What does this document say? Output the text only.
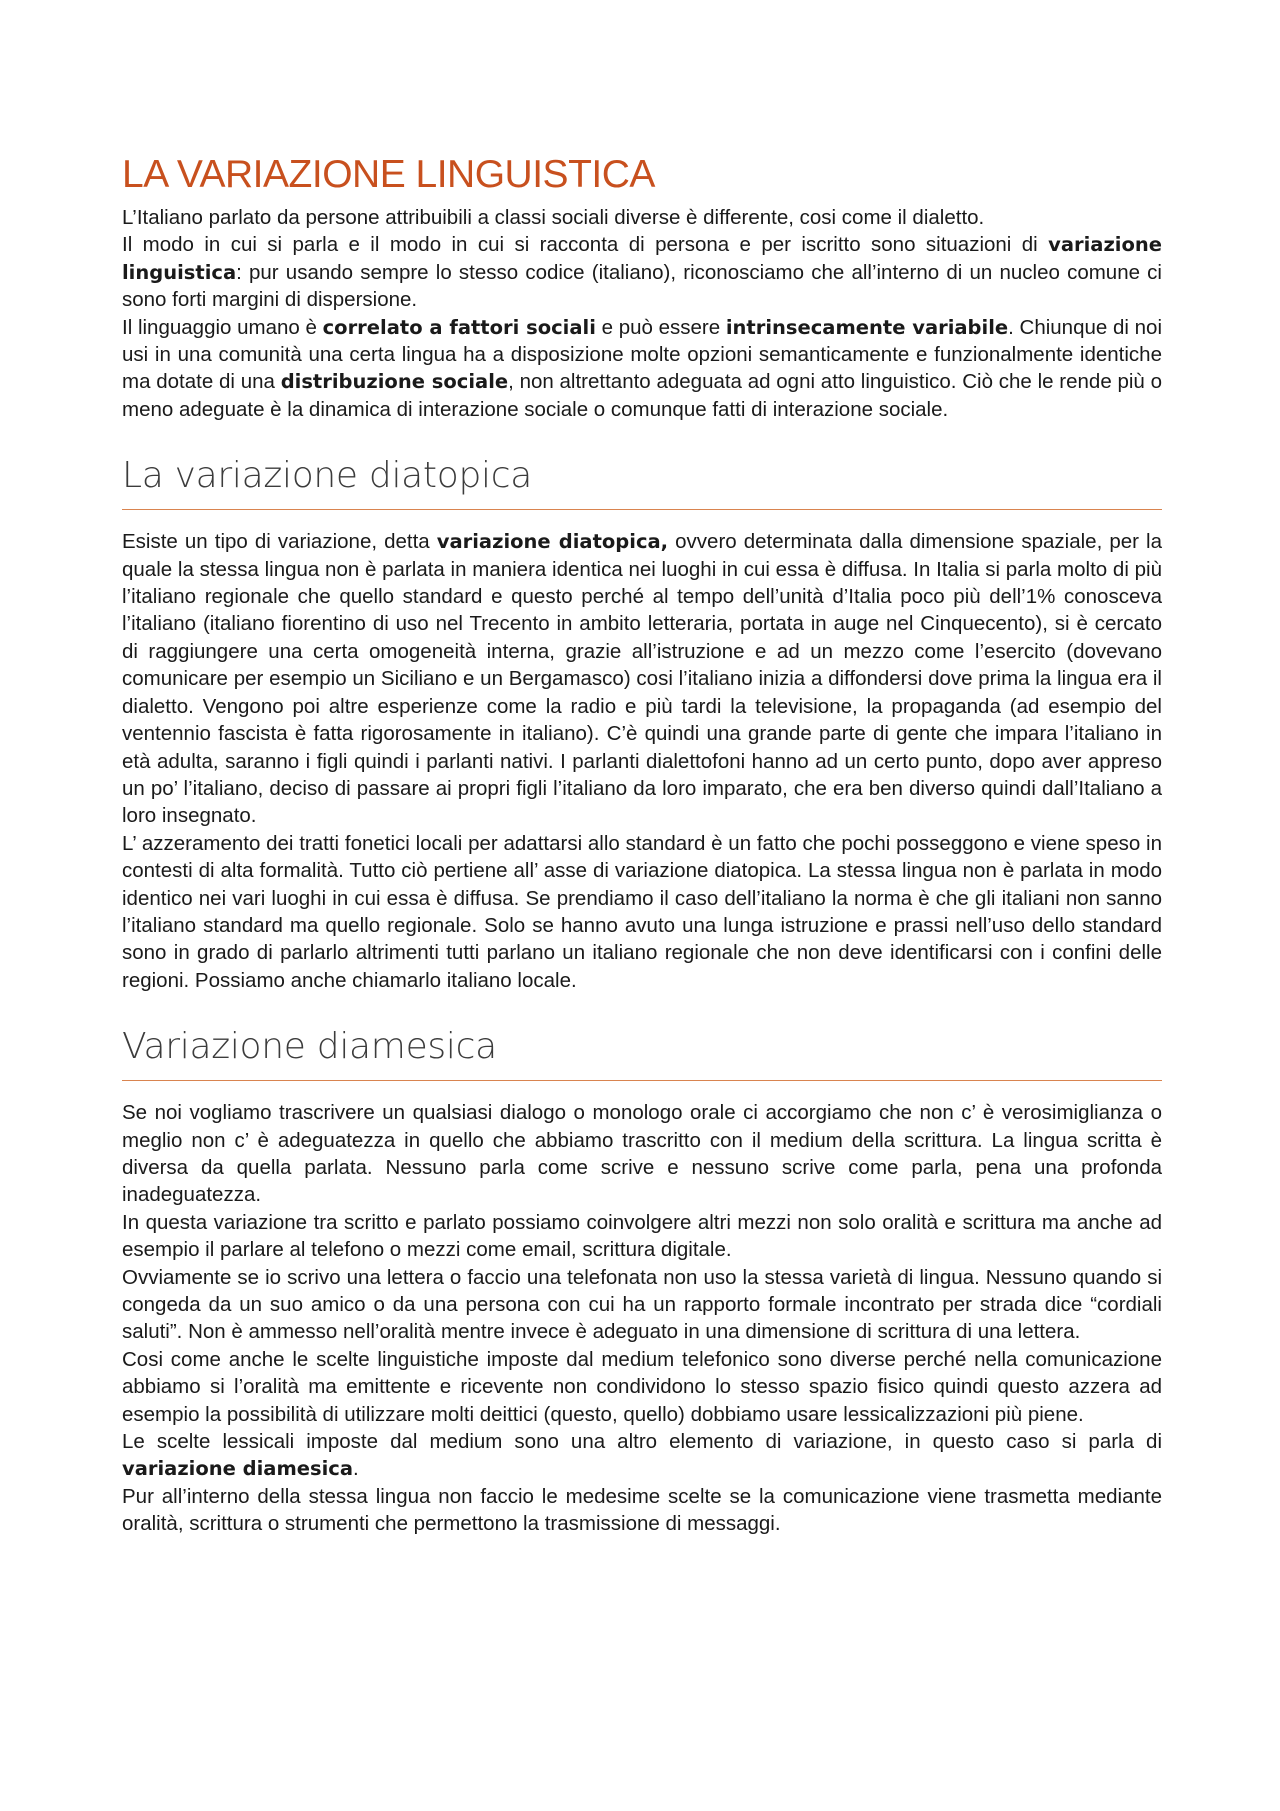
LA VARIAZIONE LINGUISTICA

L’Italiano parlato da persone attribuibili a classi sociali diverse è differente, cosi come il dialetto.

Il modo in cui si parla e il modo in cui si racconta di persona e per iscritto sono situazioni di variazione linguistica: pur usando sempre lo stesso codice (italiano), riconosciamo che all’interno di un nucleo comune ci sono forti margini di dispersione.

Il linguaggio umano è correlato a fattori sociali e può essere intrinsecamente variabile. Chiunque di noi usi in una comunità una certa lingua ha a disposizione molte opzioni semanticamente e funzionalmente identiche ma dotate di una distribuzione sociale, non altrettanto adeguata ad ogni atto linguistico. Ciò che le rende più o meno adeguate è la dinamica di interazione sociale o comunque fatti di interazione sociale.

La variazione diatopica

Esiste un tipo di variazione, detta variazione diatopica, ovvero determinata dalla dimensione spaziale, per la quale la stessa lingua non è parlata in maniera identica nei luoghi in cui essa è diffusa. In Italia si parla molto di più l’italiano regionale che quello standard e questo perché al tempo dell’unità d’Italia poco più dell’1% conosceva l’italiano (italiano fiorentino di uso nel Trecento in ambito letteraria, portata in auge nel Cinquecento), si è cercato di raggiungere una certa omogeneità interna, grazie all’istruzione e ad un mezzo come l’esercito (dovevano comunicare per esempio un Siciliano e un Bergamasco) cosi l’italiano inizia a diffondersi dove prima la lingua era il dialetto. Vengono poi altre esperienze come la radio e più tardi la televisione, la propaganda (ad esempio del ventennio fascista è fatta rigorosamente in italiano). C’è quindi una grande parte di gente che impara l’italiano in età adulta, saranno i figli quindi i parlanti nativi. I parlanti dialettofoni hanno ad un certo punto, dopo aver appreso un po’ l’italiano, deciso di passare ai propri figli l’italiano da loro imparato, che era ben diverso quindi dall’Italiano a loro insegnato.

L’ azzeramento dei tratti fonetici locali per adattarsi allo standard è un fatto che pochi posseggono e viene speso in contesti di alta formalità. Tutto ciò pertiene all’ asse di variazione diatopica. La stessa lingua non è parlata in modo identico nei vari luoghi in cui essa è diffusa. Se prendiamo il caso dell’italiano la norma è che gli italiani non sanno l’italiano standard ma quello regionale. Solo se hanno avuto una lunga istruzione e prassi nell’uso dello standard sono in grado di parlarlo altrimenti tutti parlano un italiano regionale che non deve identificarsi con i confini delle regioni. Possiamo anche chiamarlo italiano locale.

Variazione diamesica

Se noi vogliamo trascrivere un qualsiasi dialogo o monologo orale ci accorgiamo che non c’ è verosimiglianza o meglio non c’ è adeguatezza in quello che abbiamo trascritto con il medium della scrittura. La lingua scritta è diversa da quella parlata. Nessuno parla come scrive e nessuno scrive come parla, pena una profonda inadeguatezza.

In questa variazione tra scritto e parlato possiamo coinvolgere altri mezzi non solo oralità e scrittura ma anche ad esempio il parlare al telefono o mezzi come email, scrittura digitale.

Ovviamente se io scrivo una lettera o faccio una telefonata non uso la stessa varietà di lingua. Nessuno quando si congeda da un suo amico o da una persona con cui ha un rapporto formale incontrato per strada dice “cordiali saluti”. Non è ammesso nell’oralità mentre invece è adeguato in una dimensione di scrittura di una lettera.

Cosi come anche le scelte linguistiche imposte dal medium telefonico sono diverse perché nella comunicazione abbiamo si l’oralità ma emittente e ricevente non condividono lo stesso spazio fisico quindi questo azzera ad esempio la possibilità di utilizzare molti deittici (questo, quello) dobbiamo usare lessicalizzazioni più piene.

Le scelte lessicali imposte dal medium sono una altro elemento di variazione, in questo caso si parla di variazione diamesica.

Pur all’interno della stessa lingua non faccio le medesime scelte se la comunicazione viene trasmetta mediante oralità, scrittura o strumenti che permettono la trasmissione di messaggi.
